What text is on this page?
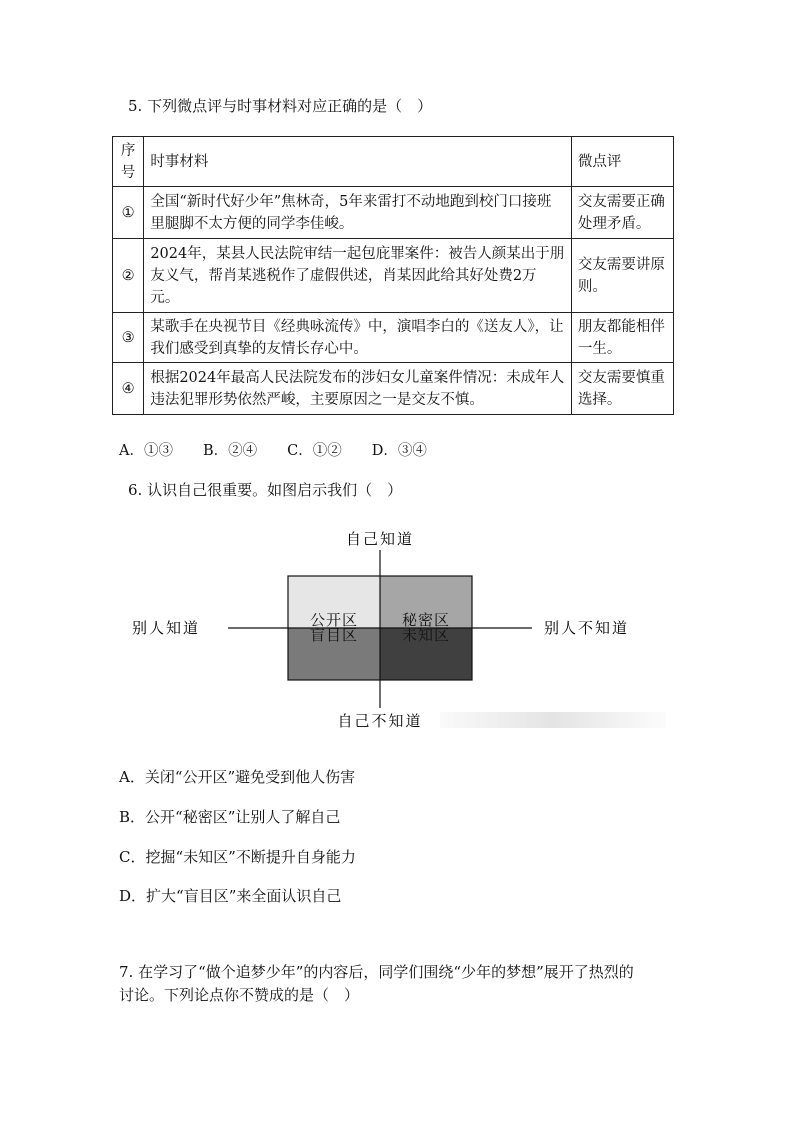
5. 下列微点评与时事材料对应正确的是（　）
序号	时事材料	微点评
①	全国“新时代好少年”焦林奇，5年来雷打不动地跑到校门口接班里腿脚不太方便的同学李佳峻。	交友需要正确处理矛盾。
②	2024年，某县人民法院审结一起包庇罪案件：被告人颜某出于朋友义气，帮肖某逃税作了虚假供述，肖某因此给其好处费2万元。	交友需要讲原则。
③	某歌手在央视节目《经典咏流传》中，演唱李白的《送友人》，让我们感受到真挚的友情长存心中。	朋友都能相伴一生。
④	根据2024年最高人民法院发布的涉妇女儿童案件情况：未成年人违法犯罪形势依然严峻，主要原因之一是交友不慎。	交友需要慎重选择。
A．①③ B．②④ C．①② D．③④
6. 认识自己很重要。如图启示我们（　）
自己知道
自己不知道
别人知道	别人不知道
公开区	秘密区
盲目区	未知区
A．关闭“公开区”避免受到他人伤害
B．公开“秘密区”让别人了解自己
C．挖掘“未知区”不断提升自身能力
D．扩大“盲目区”来全面认识自己
7. 在学习了“做个追梦少年”的内容后，同学们围绕“少年的梦想”展开了热烈的
讨论。下列论点你不赞成的是（　）
